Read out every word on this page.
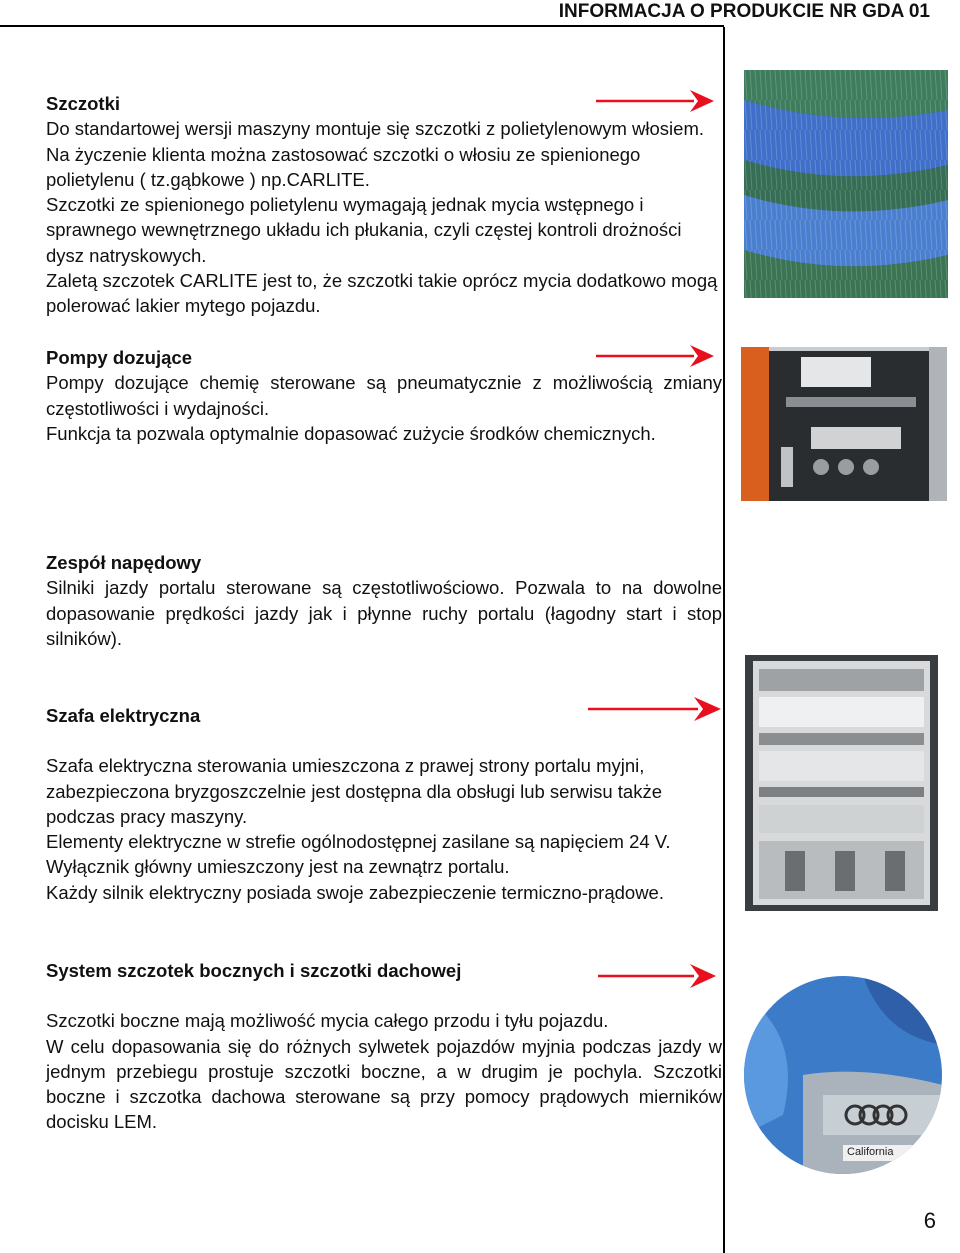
INFORMACJA O PRODUKCIE NR GDA 01

Szczotki

Do standartowej wersji maszyny montuje się szczotki z polietylenowym włosiem. Na życzenie klienta można zastosować szczotki o włosiu ze spienionego polietylenu ( tz.gąbkowe ) np.CARLITE.

Szczotki ze spienionego polietylenu wymagają jednak mycia wstępnego i sprawnego wewnętrznego układu ich płukania, czyli częstej kontroli drożności dysz natryskowych.

Zaletą szczotek CARLITE jest to, że szczotki takie oprócz mycia dodatkowo mogą polerować lakier mytego pojazdu.

Pompy dozujące

Pompy dozujące chemię sterowane są pneumatycznie z możliwością zmiany częstotliwości i wydajności.

Funkcja ta pozwala optymalnie dopasować zużycie środków chemicznych.

Zespół napędowy

Silniki jazdy portalu sterowane są częstotliwościowo. Pozwala to na dowolne dopasowanie prędkości jazdy jak i płynne ruchy portalu (łagodny start i stop silników).

Szafa elektryczna

Szafa elektryczna sterowania umieszczona z prawej strony portalu myjni, zabezpieczona bryzgoszczelnie jest dostępna dla obsługi lub serwisu także podczas pracy maszyny.

Elementy elektryczne w strefie ogólnodostępnej zasilane są napięciem 24 V. Wyłącznik główny umieszczony jest na zewnątrz portalu.

Każdy silnik elektryczny posiada swoje zabezpieczenie termiczno-prądowe.

System szczotek bocznych i szczotki dachowej

Szczotki boczne mają możliwość mycia całego przodu i tyłu pojazdu.

W celu dopasowania się do różnych sylwetek pojazdów myjnia podczas jazdy w jednym przebiegu prostuje szczotki boczne, a w drugim je pochyla. Szczotki boczne i szczotka dachowa sterowane są przy pomocy prądowych mierników docisku LEM.

California
6
